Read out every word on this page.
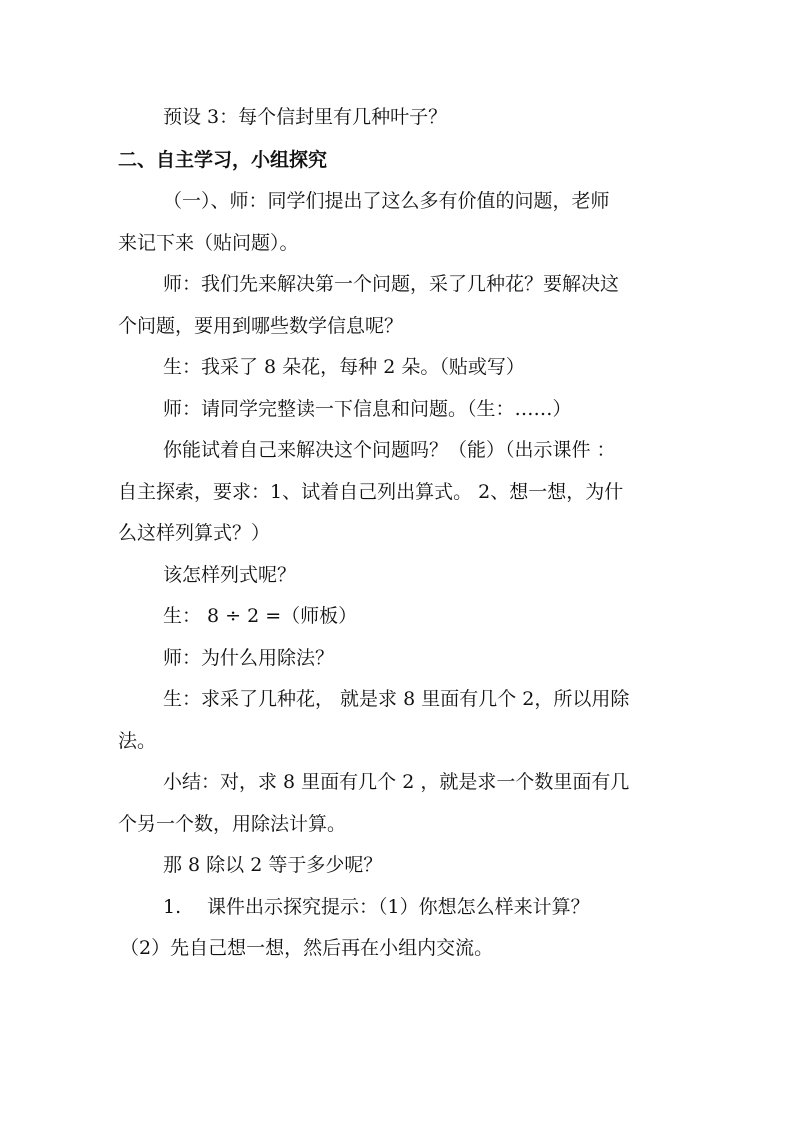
预设 3：每个信封里有几种叶子？

二、自主学习，小组探究

（一）、师：同学们提出了这么多有价值的问题，老师

来记下来（贴问题）。

师：我们先来解决第一个问题，采了几种花？要解决这

个问题，要用到哪些数学信息呢？

生：我采了 8 朵花，每种 2 朵。（贴或写）

师：请同学完整读一下信息和问题。（生：……）

你能试着自己来解决这个问题吗？（能）（出示课件 ：

自主探索，要求：1、试着自己列出算式。 2、想一想，为什

么这样列算式？）

该怎样列式呢？

生： 8 ÷ 2 =（师板）

师：为什么用除法？

生：求采了几种花， 就是求 8 里面有几个 2，所以用除

法。

小结：对，求 8 里面有几个 2 ，就是求一个数里面有几

个另一个数，用除法计算。

那 8 除以 2 等于多少呢？

1. 课件出示探究提示：（1）你想怎么样来计算？

（2）先自己想一想，然后再在小组内交流。
